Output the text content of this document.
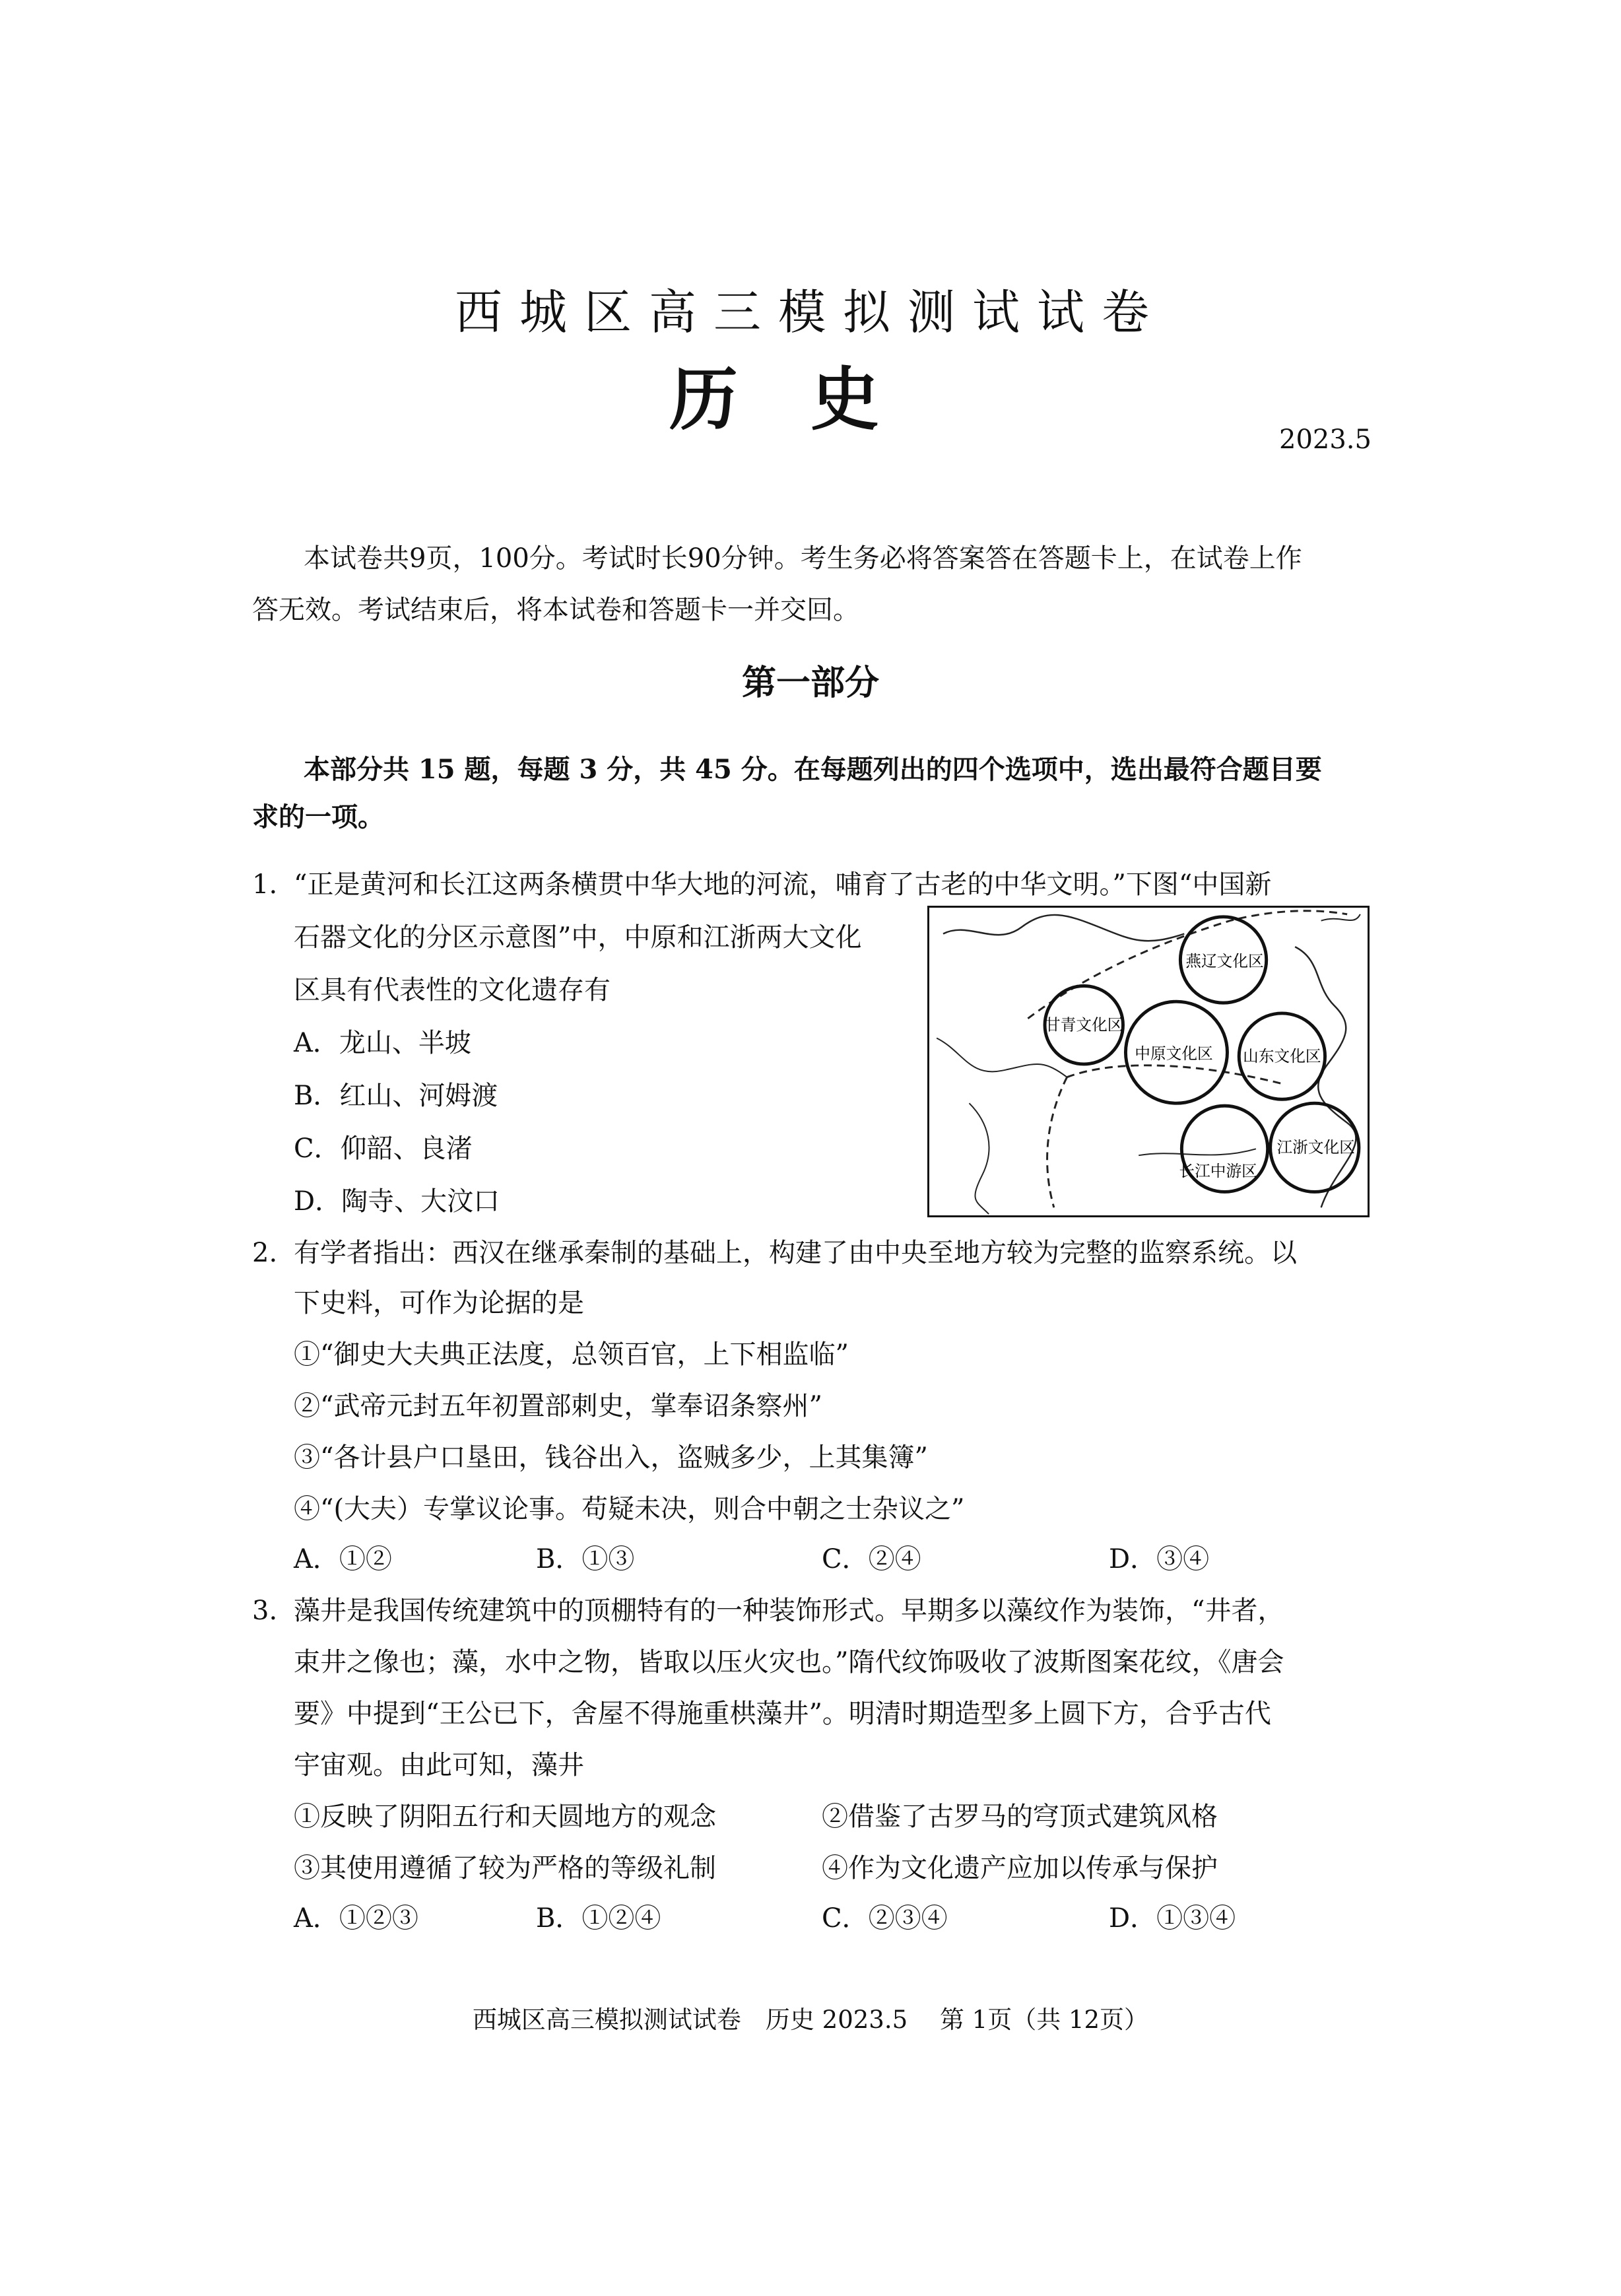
西城区高三模拟测试试卷
历史	2023.5
本试卷共9页，100分。考试时长90分钟。考生务必将答案答在答题卡上，在试卷上作
答无效。考试结束后，将本试卷和答题卡一并交回。
第一部分
本部分共 15 题，每题 3 分，共 45 分。在每题列出的四个选项中，选出最符合题目要
求的一项。
1. “正是黄河和长江这两条横贯中华大地的河流，哺育了古老的中华文明。”下图“中国新
石器文化的分区示意图”中，中原和江浙两大文化
区具有代表性的文化遗存有
A．龙山、半坡
B．红山、河姆渡
C．仰韶、良渚
D．陶寺、大汶口
燕辽文化区
甘青文化区
中原文化区 山东文化区
长江中游区
江浙文化区
2. 有学者指出：西汉在继承秦制的基础上，构建了由中央至地方较为完整的监察系统。以
下史料，可作为论据的是
①“御史大夫典正法度，总领百官，上下相监临”
②“武帝元封五年初置部刺史，掌奉诏条察州”
③“各计县户口垦田，钱谷出入，盗贼多少，上其集簿”
④“(大夫）专掌议论事。苟疑未决，则合中朝之士杂议之”
A．①②	B．①③	C．②④	D．③④
3. 藻井是我国传统建筑中的顶棚特有的一种装饰形式。早期多以藻纹作为装饰，“井者，
束井之像也；藻，水中之物，皆取以压火灾也。”隋代纹饰吸收了波斯图案花纹，《唐会
要》中提到“王公已下，舍屋不得施重栱藻井”。明清时期造型多上圆下方，合乎古代
宇宙观。由此可知，藻井
①反映了阴阳五行和天圆地方的观念	②借鉴了古罗马的穹顶式建筑风格
③其使用遵循了较为严格的等级礼制	④作为文化遗产应加以传承与保护
A．①②③	B．①②④	C．②③④	D．①③④
西城区高三模拟测试试卷　历史 2023.5　 第 1页（共 12页）
